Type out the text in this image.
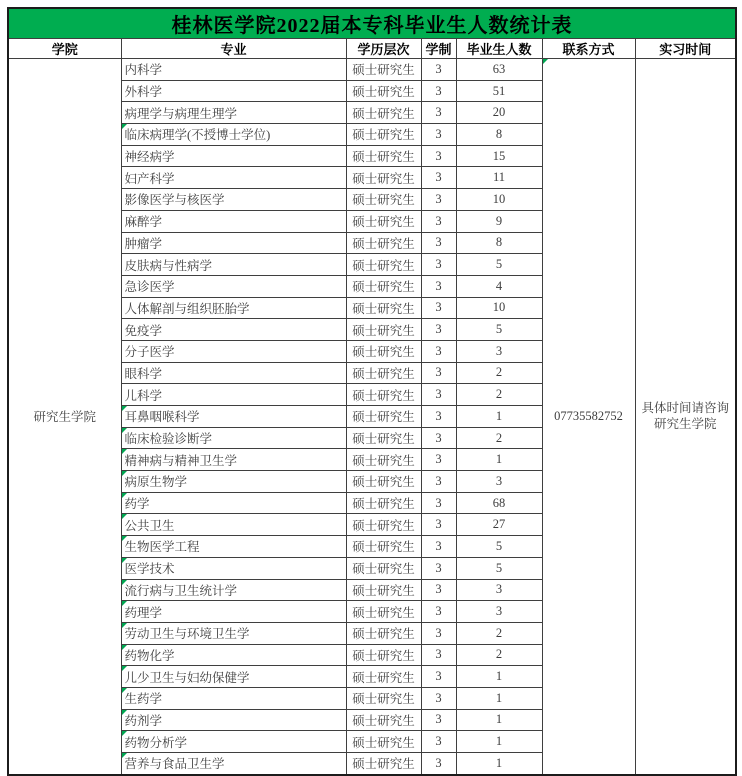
桂林医学院2022届本专科毕业生人数统计表						
学院	专业	学历层次	学制	毕业生人数	联系方式	实习时间
研究生学院	内科学	硕士研究生	3	63	07735582752	具体时间请咨询研究生学院

	外科学	硕士研究生	3	51		
	病理学与病理生理学	硕士研究生	3	20		
	临床病理学(不授博士学位)	硕士研究生	3	8		
	神经病学	硕士研究生	3	15		
	妇产科学	硕士研究生	3	11		
	影像医学与核医学	硕士研究生	3	10		
	麻醉学	硕士研究生	3	9		
	肿瘤学	硕士研究生	3	8		
	皮肤病与性病学	硕士研究生	3	5		
	急诊医学	硕士研究生	3	4		
	人体解剖与组织胚胎学	硕士研究生	3	10		
	免疫学	硕士研究生	3	5		
	分子医学	硕士研究生	3	3		
	眼科学	硕士研究生	3	2		
	儿科学	硕士研究生	3	2		
	耳鼻咽喉科学	硕士研究生	3	1		
	临床检验诊断学	硕士研究生	3	2		
	精神病与精神卫生学	硕士研究生	3	1		
	病原生物学	硕士研究生	3	3		
	药学	硕士研究生	3	68		
	公共卫生	硕士研究生	3	27		
	生物医学工程	硕士研究生	3	5		
	医学技术	硕士研究生	3	5		
	流行病与卫生统计学	硕士研究生	3	3		
	药理学	硕士研究生	3	3		
	劳动卫生与环境卫生学	硕士研究生	3	2		
	药物化学	硕士研究生	3	2		
	儿少卫生与妇幼保健学	硕士研究生	3	1		
	生药学	硕士研究生	3	1		
	药剂学	硕士研究生	3	1		
	药物分析学	硕士研究生	3	1		
	营养与食品卫生学	硕士研究生	3	1		
